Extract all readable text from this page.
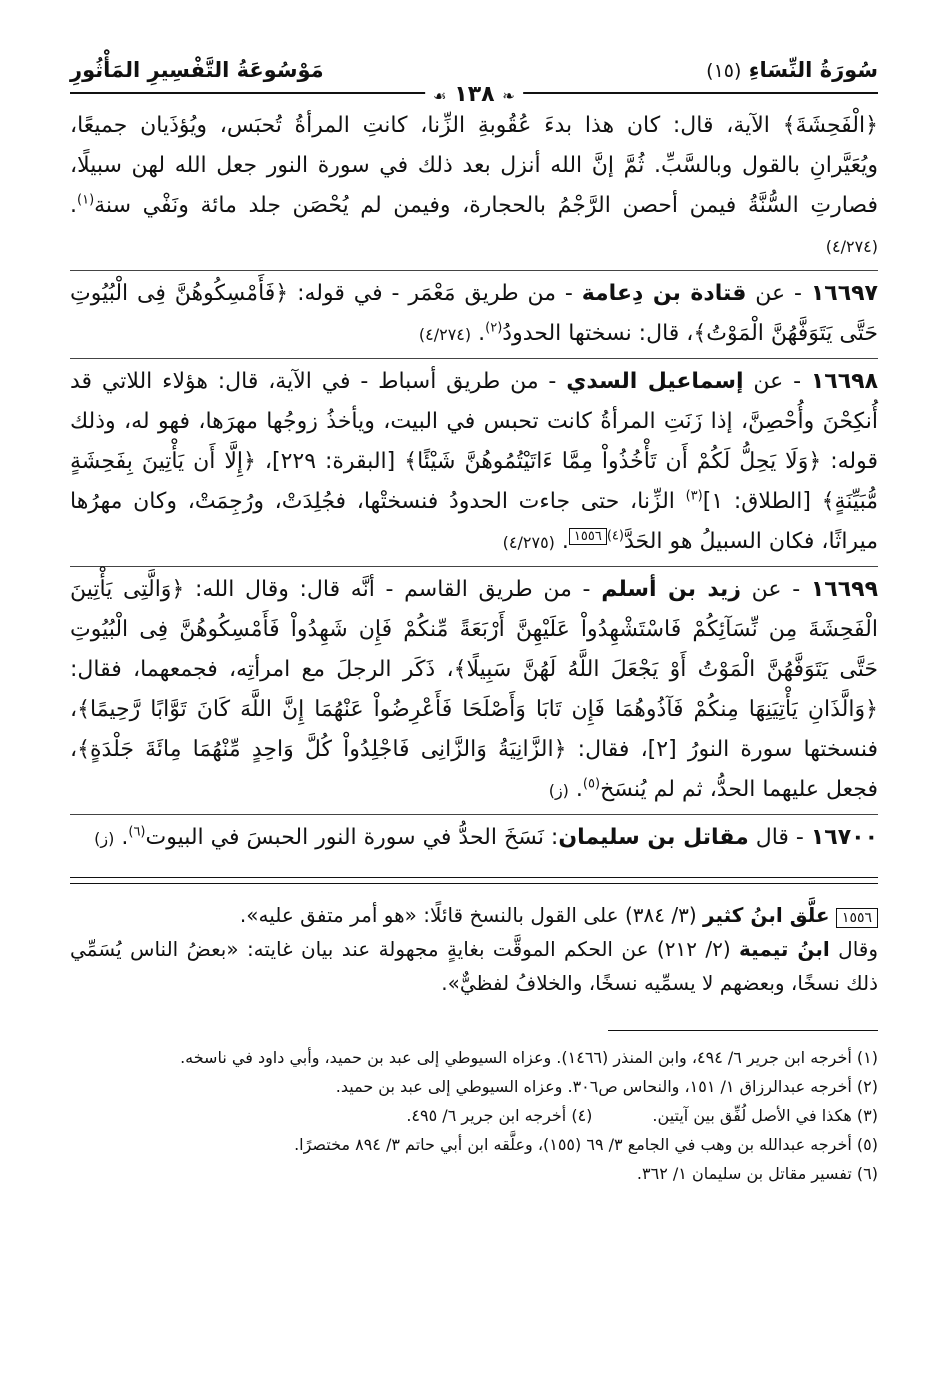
سُورَةُ النِّسَاءِ (١٥)
مَوْسُوعَةُ التَّفْسِيرِ المَأْثُورِ
❧ ١٣٨ ☙

﴿الْفَحِشَةَ﴾ الآية، قال: كان هذا بدءَ عُقُوبةِ الزِّنا، كانتِ المرأةُ تُحبَس، ويُؤذَيان جميعًا، ويُعَيَّرانِ بالقول وبالسَّبِّ. ثُمَّ إنَّ الله أنزل بعد ذلك في سورة النور جعل الله لهن سبيلًا، فصارتِ السُّنَّةُ فيمن أحصن الرَّجْمُ بالحجارة، وفيمن لم يُحْصَن جلد مائة ونَفْي سنة$^{(١)}$. (٤/٢٧٤)

١٦٦٩٧ - عن قتادة بن دِعامة - من طريق مَعْمَر - في قوله: ﴿فَأَمْسِكُوهُنَّ فِى الْبُيُوتِ حَتَّى يَتَوَفَّهُنَّ الْمَوْتُ﴾، قال: نسختها الحدودُ$^{(٢)}$. (٤/٢٧٤)

١٦٦٩٨ - عن إسماعيل السدي - من طريق أسباط - في الآية، قال: هؤلاء اللاتي قد أُنكِحْنَ وأُحْصِنَّ، إذا زَنَتِ المرأةُ كانت تحبس في البيت، ويأخذُ زوجُها مهرَها، فهو له، وذلك قوله: ﴿وَلَا يَحِلُّ لَكُمْ أَن تَأْخُذُواْ مِمَّا ءَاتَيْتُمُوهُنَّ شَيْئًا﴾ [البقرة: ٢٢٩]، ﴿إِلَّا أَن يَأْتِينَ بِفَحِشَةٍ مُّبَيِّنَةٍ﴾ [الطلاق: ١]$^{(٣)}$ الزِّنا، حتى جاءت الحدودُ فنسختْها، فجُلِدَتْ، ورُجِمَتْ، وكان مهرُها ميراثًا، فكان السبيلُ هو الحَدَّ$^{(٤)١٥٥٦}$. (٤/٢٧٥)

١٦٦٩٩ - عن زيد بن أسلم - من طريق القاسم - أنَّه قال: وقال الله: ﴿وَالَّتِى يَأْتِينَ الْفَحِشَةَ مِن نِّسَآئِكُمْ فَاسْتَشْهِدُواْ عَلَيْهِنَّ أَرْبَعَةً مِّنكُمْ فَإِن شَهِدُواْ فَأَمْسِكُوهُنَّ فِى الْبُيُوتِ حَتَّى يَتَوَفَّهُنَّ الْمَوْتُ أَوْ يَجْعَلَ اللَّهُ لَهُنَّ سَبِيلًا﴾، ذَكَر الرجلَ مع امرأتِه، فجمعهما، فقال: ﴿وَالَّذَانِ يَأْتِيَنِهَا مِنكُمْ فَآذُوهُمَا فَإِن تَابَا وَأَصْلَحَا فَأَعْرِضُواْ عَنْهُمَا إِنَّ اللَّهَ كَانَ تَوَّابًا رَّحِيمًا﴾، فنسختها سورة النورُ [٢]، فقال: ﴿الزَّانِيَةُ وَالزَّانِى فَاجْلِدُواْ كُلَّ وَاحِدٍ مِّنْهُمَا مِائَةَ جَلْدَةٍ﴾، فجعل عليهما الحدُّ، ثم لم يُنسَخ$^{(٥)}$. (ز)

١٦٧٠٠ - قال مقاتل بن سليمان: نَسَخَ الحدُّ في سورة النور الحبسَ في البيوت$^{(٦)}$. (ز)

١٥٥٦ علَّق ابنُ كثير (٣/ ٣٨٤) على القول بالنسخ قائلًا: «هو أمر متفق عليه».

وقال ابنُ تيمية (٢/ ٢١٢) عن الحكم الموقَّت بغايةٍ مجهولة عند بيان غايته: «بعضُ الناس يُسَمِّي ذلك نسخًا، وبعضهم لا يسمِّيه نسخًا، والخلافُ لفظيٌّ».

(١) أخرجه ابن جرير ٦/ ٤٩٤، وابن المنذر (١٤٦٦). وعزاه السيوطي إلى عبد بن حميد، وأبي داود في ناسخه.

(٢) أخرجه عبدالرزاق ١/ ١٥١، والنحاس ص٣٠٦. وعزاه السيوطي إلى عبد بن حميد.

(٣) هكذا في الأصل لُفِّق بين آيتين.
(٤) أخرجه ابن جرير ٦/ ٤٩٥.

(٥) أخرجه عبدالله بن وهب في الجامع ٣/ ٦٩ (١٥٥)، وعلَّقه ابن أبي حاتم ٣/ ٨٩٤ مختصرًا.

(٦) تفسير مقاتل بن سليمان ١/ ٣٦٢.
